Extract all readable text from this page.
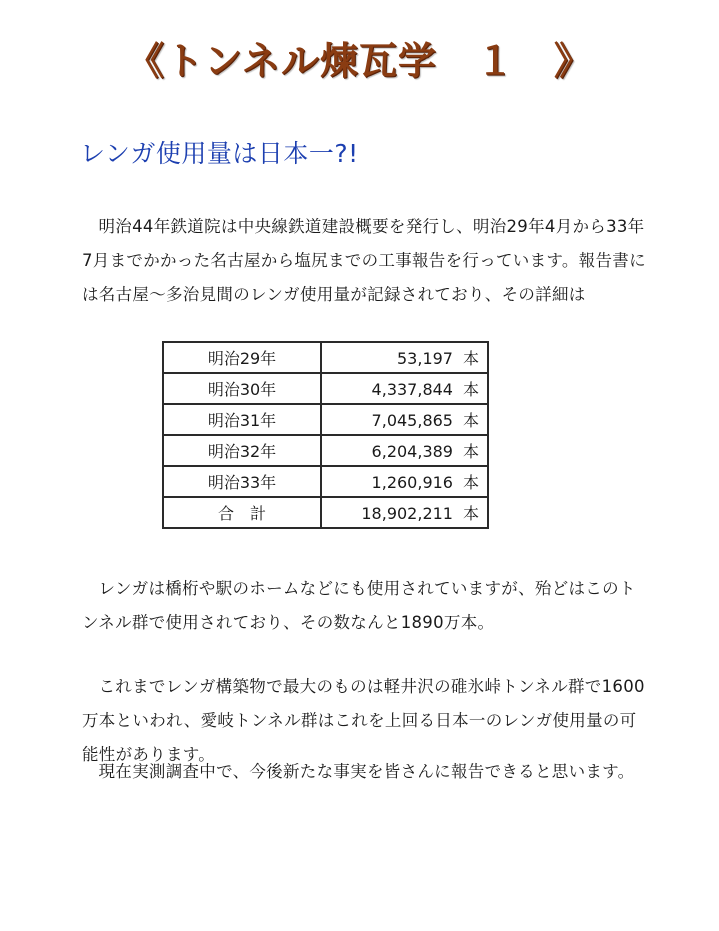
《トンネル煉瓦学　１　》
レンガ使用量は日本一?!

明治44年鉄道院は中央線鉄道建設概要を発行し、明治29年4月から33年7月までかかった名古屋から塩尻までの工事報告を行っています。報告書には名古屋～多治見間のレンガ使用量が記録されており、その詳細は

明治29年	53,197 本
明治30年	4,337,844 本
明治31年	7,045,865 本
明治32年	6,204,389 本
明治33年	1,260,916 本
合　計	18,902,211 本

レンガは橋桁や駅のホームなどにも使用されていますが、殆どはこのトンネル群で使用されており、その数なんと1890万本。

これまでレンガ構築物で最大のものは軽井沢の碓氷峠トンネル群で1600万本といわれ、愛岐トンネル群はこれを上回る日本一のレンガ使用量の可能性があります。

現在実測調査中で、今後新たな事実を皆さんに報告できると思います。
